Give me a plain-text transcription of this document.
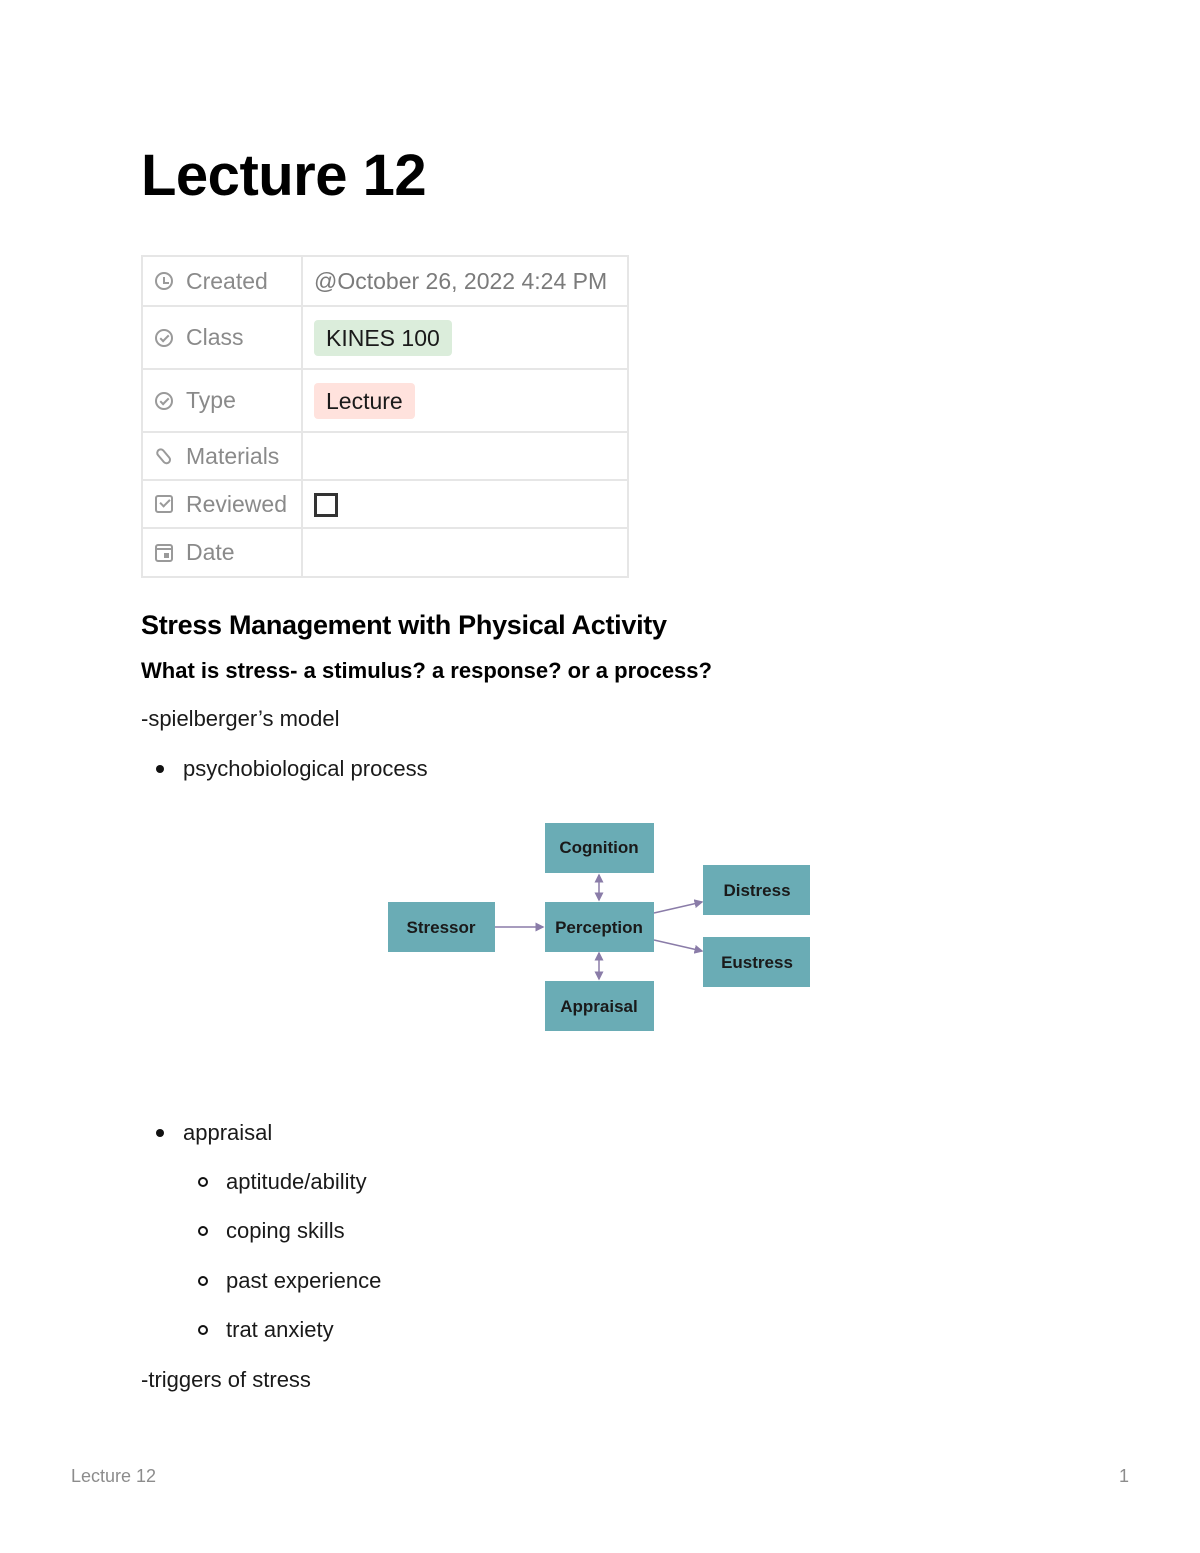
Lecture 12
Created	@October 26, 2022 4:24 PM

Class	KINES 100

Type	Lecture

Materials	

Reviewed	

Date	

Stress Management with Physical Activity
What is stress- a stimulus? a response? or a process?

-spielberger’s model

psychobiological process
Cognition
Stressor	Perception
Appraisal
Distress
Eustress
appraisal
aptitude/ability
coping skills
past experience
trat anxiety

-triggers of stress

Lecture 12	1
